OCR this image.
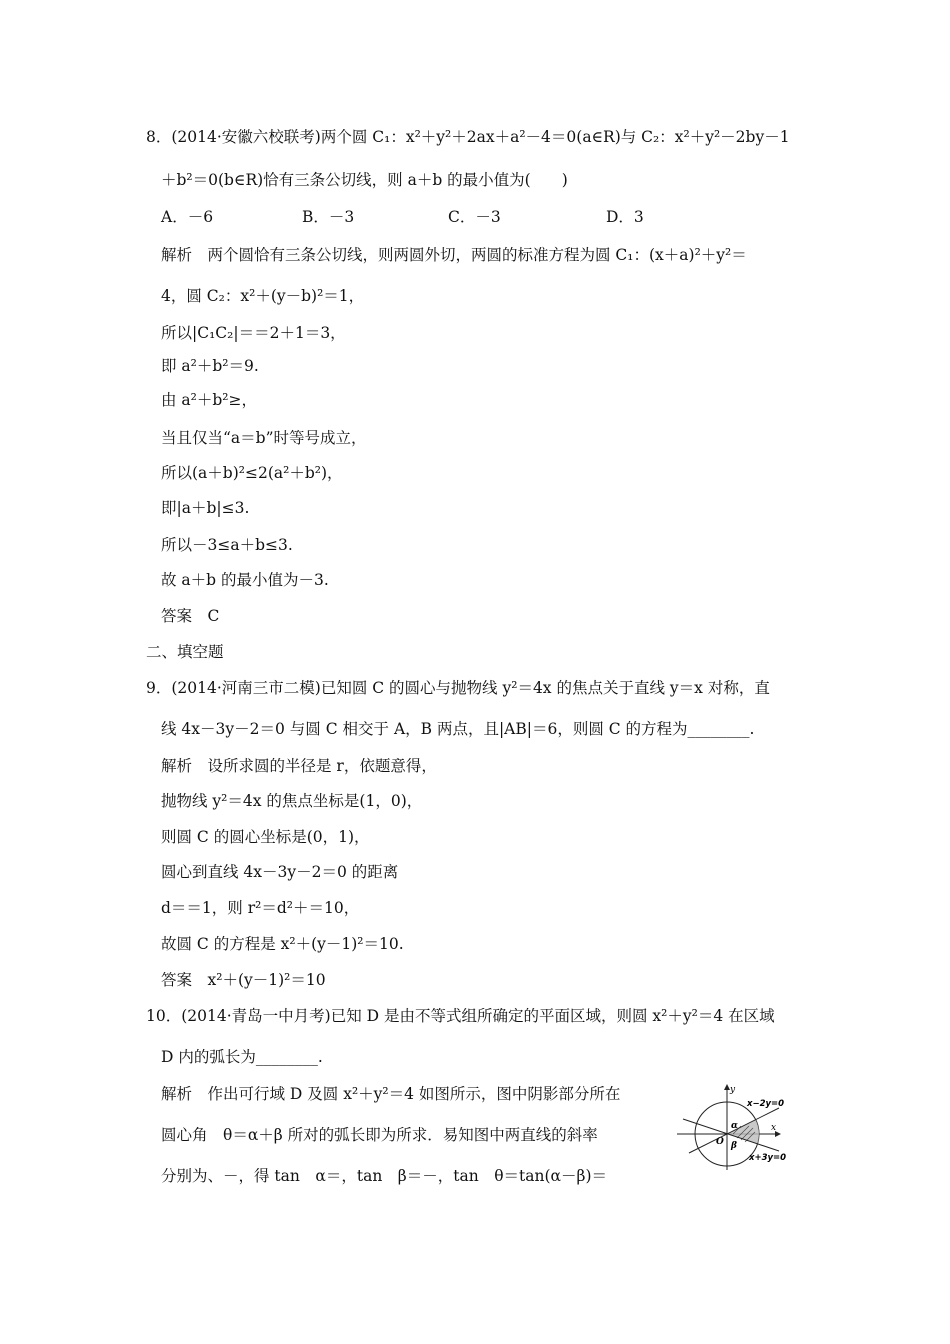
8．(2014·安徽六校联考)两个圆 C₁：x²＋y²＋2ax＋a²－4＝0(a∈R)与 C₂：x²＋y²－2by－1
＋b²＝0(b∈R)恰有三条公切线，则 a＋b 的最小值为(　　)
A．－6	B．－3	C．－3	D．3
解析　两个圆恰有三条公切线，则两圆外切，两圆的标准方程为圆 C₁：(x＋a)²＋y²＝
4，圆 C₂：x²＋(y－b)²＝1，
所以|C₁C₂|＝＝2＋1＝3，
即 a²＋b²＝9.
由 a²＋b²≥，
当且仅当“a＝b”时等号成立，
所以(a＋b)²≤2(a²＋b²)，
即|a＋b|≤3.
所以－3≤a＋b≤3.
故 a＋b 的最小值为－3.
答案　C
二、填空题
9．(2014·河南三市二模)已知圆 C 的圆心与抛物线 y²＝4x 的焦点关于直线 y＝x 对称，直
线 4x－3y－2＝0 与圆 C 相交于 A，B 两点，且|AB|＝6，则圆 C 的方程为________.
解析　设所求圆的半径是 r，依题意得，
抛物线 y²＝4x 的焦点坐标是(1，0)，
则圆 C 的圆心坐标是(0，1)，
圆心到直线 4x－3y－2＝0 的距离
d＝＝1，则 r²＝d²＋＝10，
故圆 C 的方程是 x²＋(y－1)²＝10.
答案　x²＋(y－1)²＝10
10．(2014·青岛一中月考)已知 D 是由不等式组所确定的平面区域，则圆 x²＋y²＝4 在区域
D 内的弧长为________.
解析　作出可行域 D 及圆 x²＋y²＝4 如图所示，图中阴影部分所在
圆心角　θ＝α＋β 所对的弧长即为所求．易知图中两直线的斜率
分别为、－，得 tan　α＝，tan　β＝－，tan　θ＝tan(α－β)＝
y
x
O
α
β
x−2y=0
x+3y=0
